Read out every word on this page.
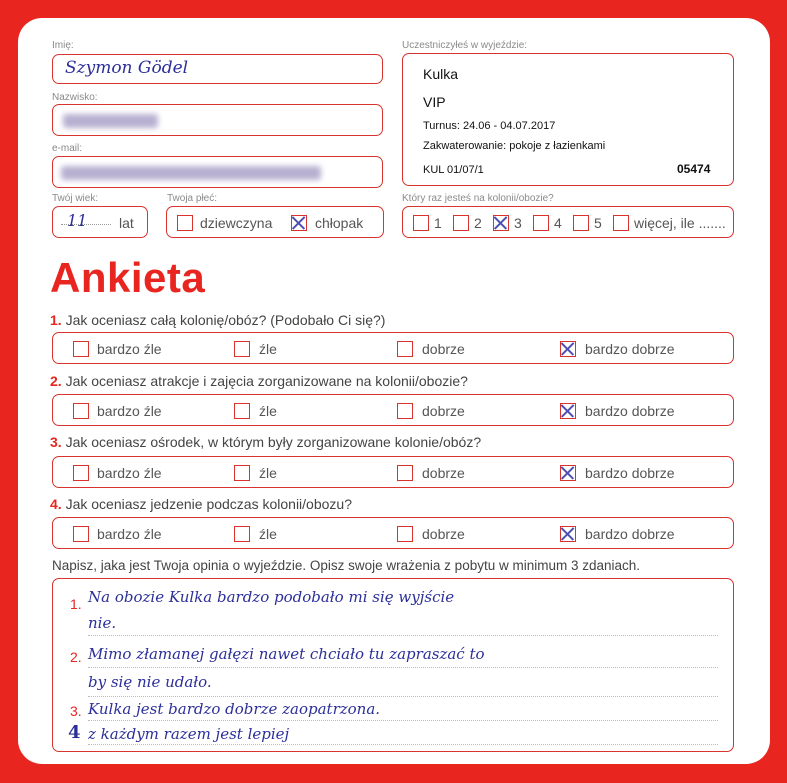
Imię:
Szymon Gödel
Nazwisko:
e-mail:
Twój wiek:
11 lat
Twoja płeć:
dziewczyna	chłopak
Uczestniczyłeś w wyjeździe:
Kulka
VIP
Turnus: 24.06 - 04.07.2017
Zakwaterowanie: pokoje z łazienkami
KUL 01/07/1	05474
Który raz jesteś na kolonii/obozie?
1 2 3 4 5 więcej, ile .......
Ankieta
1. Jak oceniasz całą kolonię/obóz? (Podobało Ci się?)
bardzo źle	źle	dobrze	bardzo dobrze
2. Jak oceniasz atrakcje i zajęcia zorganizowane na kolonii/obozie?
bardzo źle	źle	dobrze	bardzo dobrze
3. Jak oceniasz ośrodek, w którym były zorganizowane kolonie/obóz?
bardzo źle	źle	dobrze	bardzo dobrze
4. Jak oceniasz jedzenie podczas kolonii/obozu?
bardzo źle	źle	dobrze	bardzo dobrze
Napisz, jaka jest Twoja opinia o wyjeździe. Opisz swoje wrażenia z pobytu w minimum 3 zdaniach.
1. Na obozie Kulka bardzo podobało mi się wyjście
nie.
2. Mimo złamanej gałęzi nawet chciało tu zapraszać to
by się nie udało.
3. Kulka jest bardzo dobrze zaopatrzona.
4 z każdym razem jest lepiej
